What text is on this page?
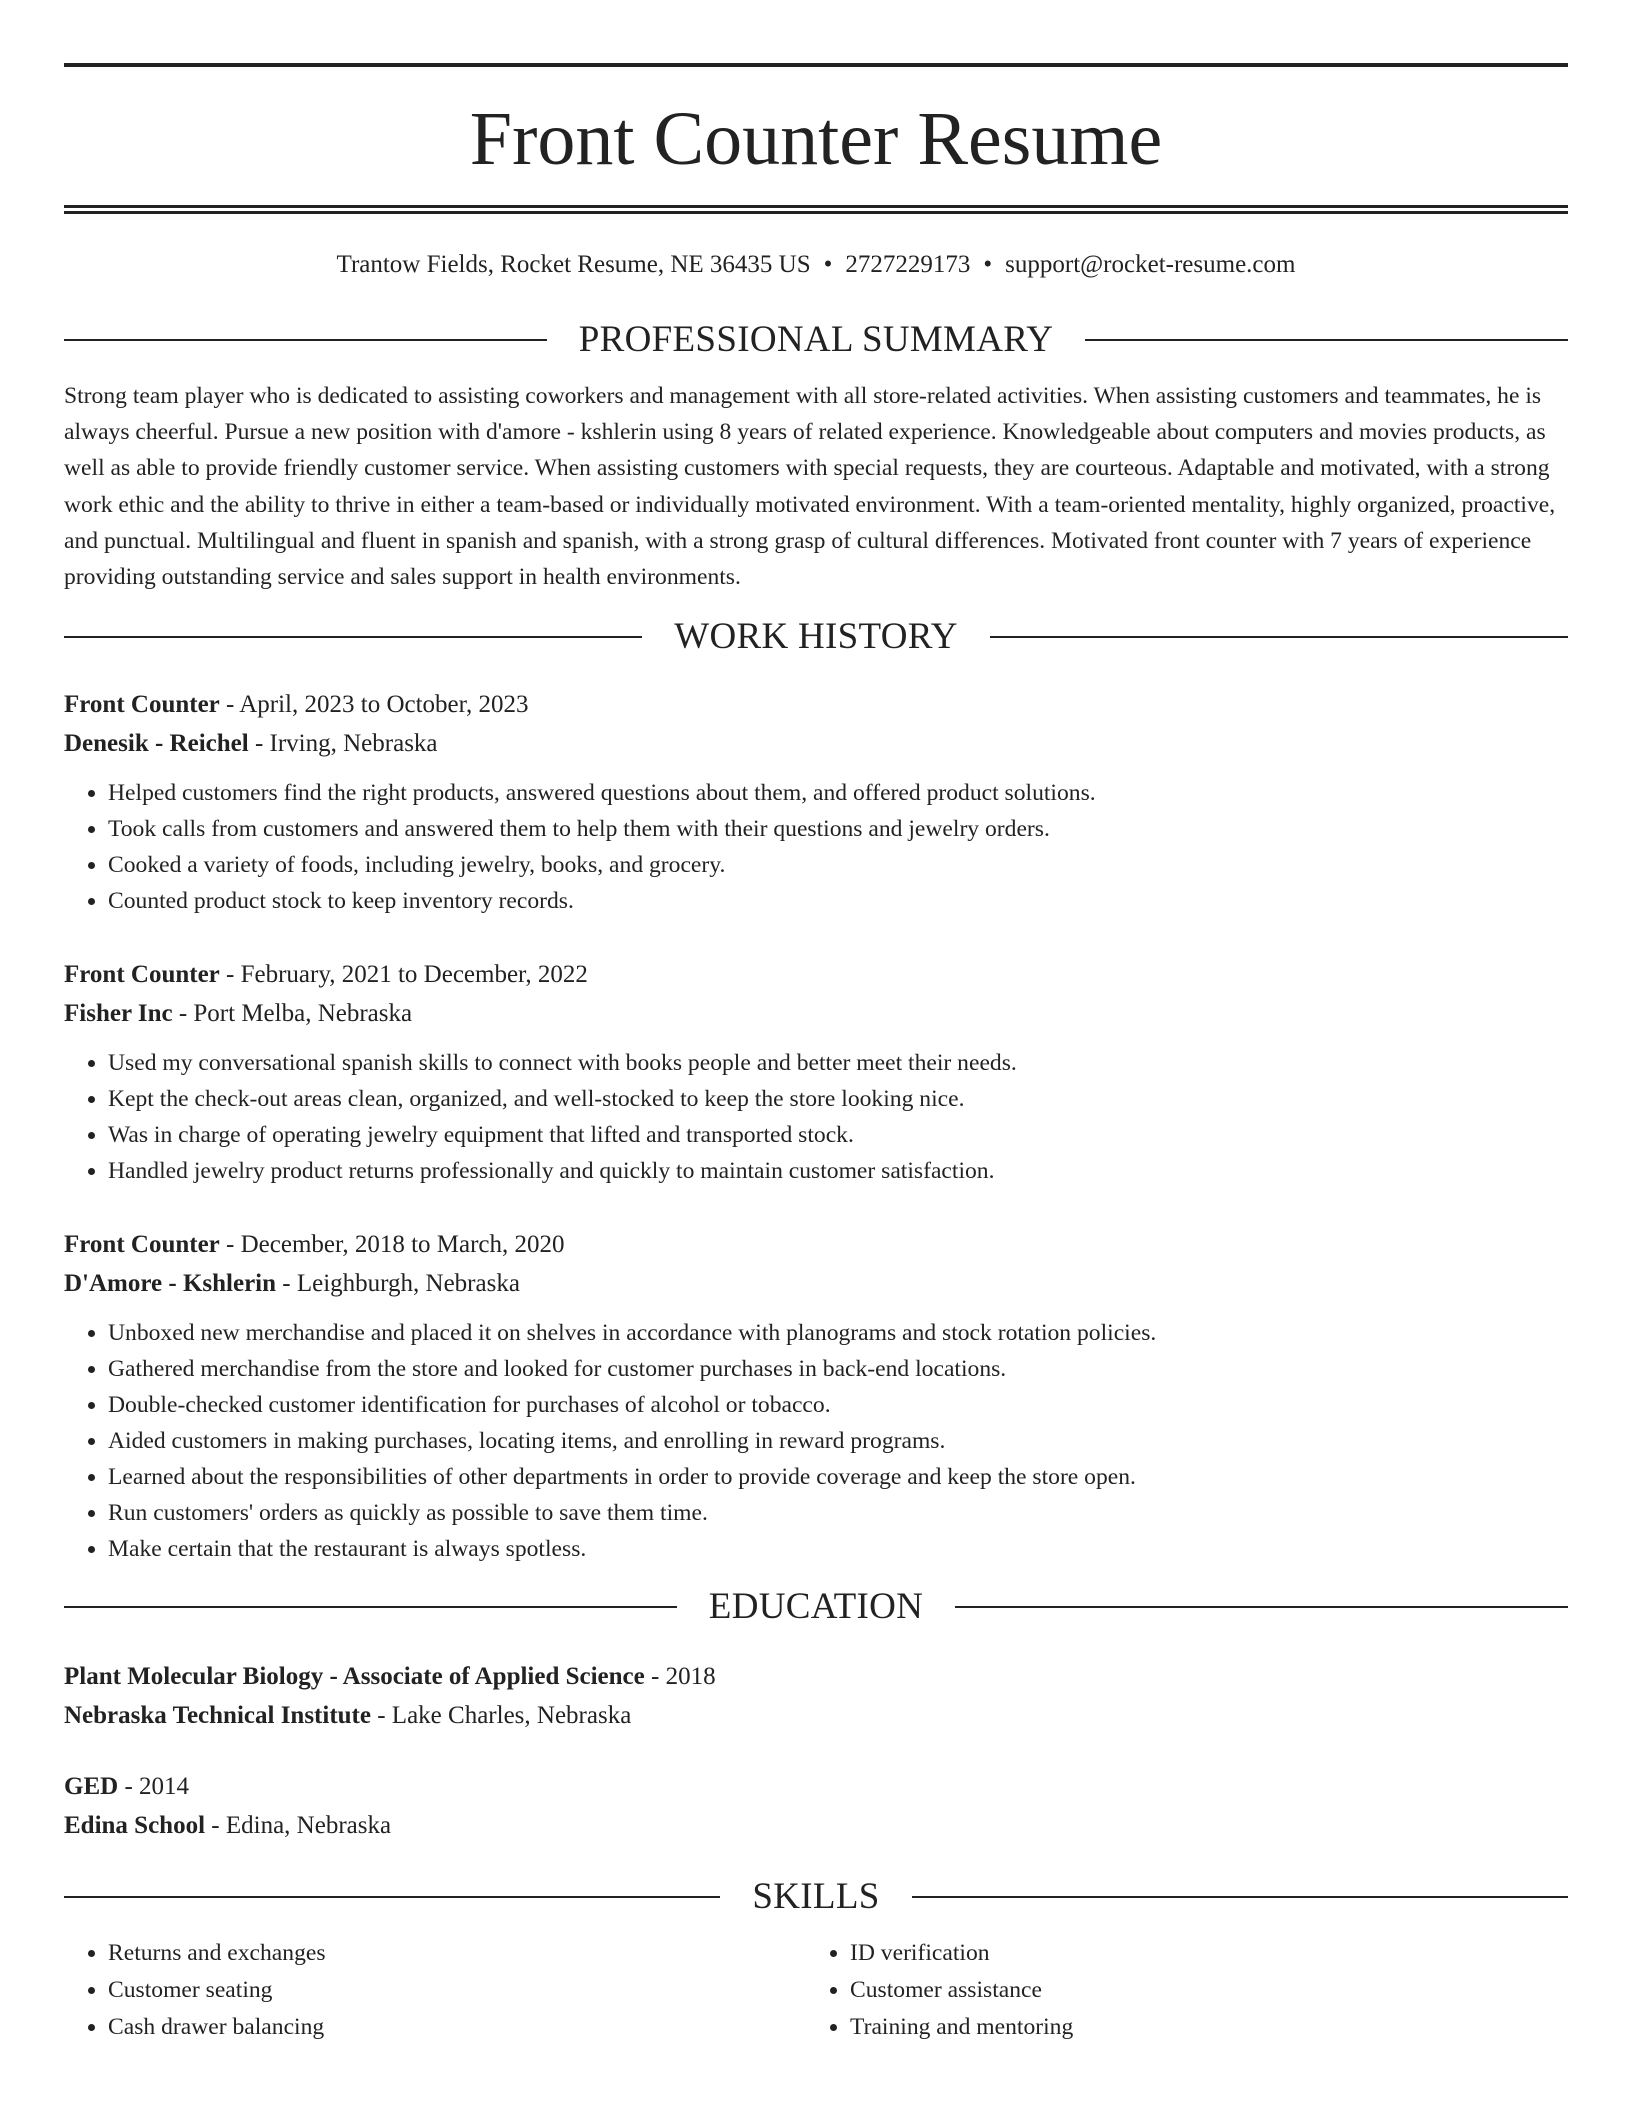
Front Counter Resume
Trantow Fields, Rocket Resume, NE 36435 US • 2727229173 • support@rocket-resume.com
PROFESSIONAL SUMMARY
Strong team player who is dedicated to assisting coworkers and management with all store-related activities. When assisting customers and teammates, he is always cheerful. Pursue a new position with d'amore - kshlerin using 8 years of related experience. Knowledgeable about computers and movies products, as well as able to provide friendly customer service. When assisting customers with special requests, they are courteous. Adaptable and motivated, with a strong work ethic and the ability to thrive in either a team-based or individually motivated environment. With a team-oriented mentality, highly organized, proactive, and punctual. Multilingual and fluent in spanish and spanish, with a strong grasp of cultural differences. Motivated front counter with 7 years of experience providing outstanding service and sales support in health environments.
WORK HISTORY
Front Counter - April, 2023 to October, 2023
Denesik - Reichel - Irving, Nebraska
• Helped customers find the right products, answered questions about them, and offered product solutions.
• Took calls from customers and answered them to help them with their questions and jewelry orders.
• Cooked a variety of foods, including jewelry, books, and grocery.
• Counted product stock to keep inventory records.
Front Counter - February, 2021 to December, 2022
Fisher Inc - Port Melba, Nebraska
• Used my conversational spanish skills to connect with books people and better meet their needs.
• Kept the check-out areas clean, organized, and well-stocked to keep the store looking nice.
• Was in charge of operating jewelry equipment that lifted and transported stock.
• Handled jewelry product returns professionally and quickly to maintain customer satisfaction.
Front Counter - December, 2018 to March, 2020
D'Amore - Kshlerin - Leighburgh, Nebraska
• Unboxed new merchandise and placed it on shelves in accordance with planograms and stock rotation policies.
• Gathered merchandise from the store and looked for customer purchases in back-end locations.
• Double-checked customer identification for purchases of alcohol or tobacco.
• Aided customers in making purchases, locating items, and enrolling in reward programs.
• Learned about the responsibilities of other departments in order to provide coverage and keep the store open.
• Run customers' orders as quickly as possible to save them time.
• Make certain that the restaurant is always spotless.
EDUCATION
Plant Molecular Biology - Associate of Applied Science - 2018
Nebraska Technical Institute - Lake Charles, Nebraska
GED - 2014
Edina School - Edina, Nebraska
SKILLS
• Returns and exchanges
• Customer seating
• Cash drawer balancing
• ID verification
• Customer assistance
• Training and mentoring
